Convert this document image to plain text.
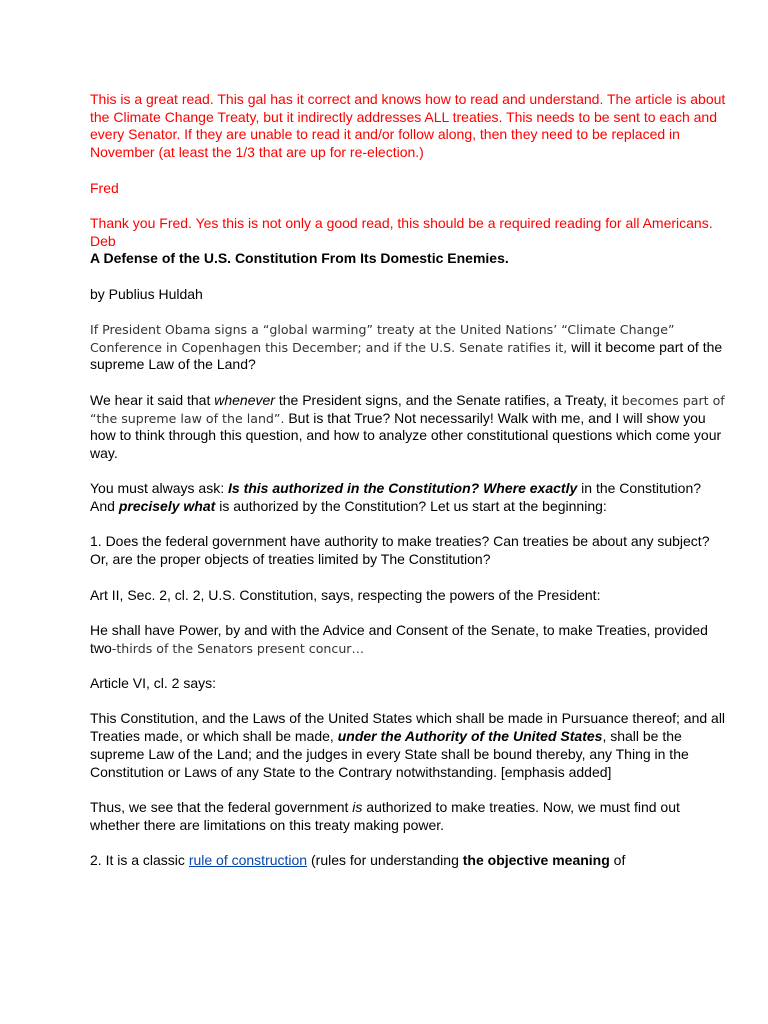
This is a great read. This gal has it correct and knows how to read and understand. The article is about the Climate Change Treaty, but it indirectly addresses ALL treaties. This needs to be sent to each and every Senator. If they are unable to read it and/or follow along, then they need to be replaced in November (at least the 1/3 that are up for re-election.)

Fred

Thank you Fred. Yes this is not only a good read, this should be a required reading for all Americans. Deb

A Defense of the U.S. Constitution From Its Domestic Enemies.

by Publius Huldah

If President Obama signs a “global warming” treaty at the United Nations’ “Climate Change” Conference in Copenhagen this December; and if the U.S. Senate ratifies it, will it become part of the supreme Law of the Land?

We hear it said that whenever the President signs, and the Senate ratifies, a Treaty, it becomes part of “the supreme law of the land”. But is that True? Not necessarily! Walk with me, and I will show you how to think through this question, and how to analyze other constitutional questions which come your way.

You must always ask: Is this authorized in the Constitution? Where exactly in the Constitution? And precisely what is authorized by the Constitution? Let us start at the beginning:

1. Does the federal government have authority to make treaties? Can treaties be about any subject? Or, are the proper objects of treaties limited by The Constitution?

Art II, Sec. 2, cl. 2, U.S. Constitution, says, respecting the powers of the President:

He shall have Power, by and with the Advice and Consent of the Senate, to make Treaties, provided two-thirds of the Senators present concur…

Article VI, cl. 2 says:

This Constitution, and the Laws of the United States which shall be made in Pursuance thereof; and all Treaties made, or which shall be made, under the Authority of the United States, shall be the supreme Law of the Land; and the judges in every State shall be bound thereby, any Thing in the Constitution or Laws of any State to the Contrary notwithstanding. [emphasis added]

Thus, we see that the federal government is authorized to make treaties. Now, we must find out whether there are limitations on this treaty making power.

2. It is a classic rule of construction (rules for understanding the objective meaning of
